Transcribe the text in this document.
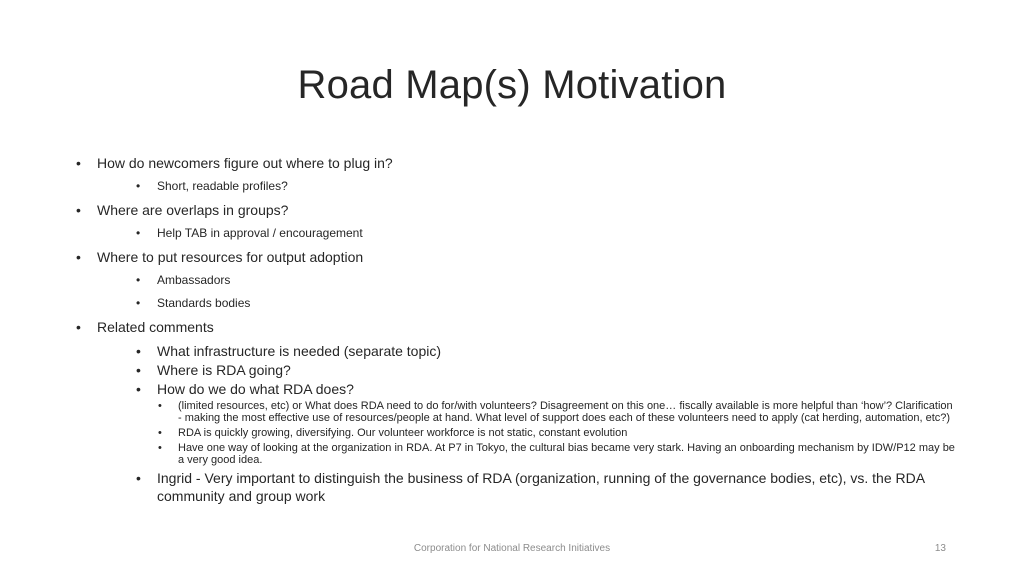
Road Map(s) Motivation
• How do newcomers figure out where to plug in?
• Short, readable profiles?
• Where are overlaps in groups?
• Help TAB in approval / encouragement
• Where to put resources for output adoption
• Ambassadors
• Standards bodies
• Related comments
• What infrastructure is needed (separate topic)
• Where is RDA going?
• How do we do what RDA does?
• (limited resources, etc) or What does RDA need to do for/with volunteers? Disagreement on this one… fiscally available is more helpful than ‘how’? Clarification - making the most effective use of resources/people at hand. What level of support does each of these volunteers need to apply (cat herding, automation, etc?)
• RDA is quickly growing, diversifying. Our volunteer workforce is not static, constant evolution
• Have one way of looking at the organization in RDA. At P7 in Tokyo, the cultural bias became very stark. Having an onboarding mechanism by IDW/P12 may be a very good idea.
• Ingrid - Very important to distinguish the business of RDA (organization, running of the governance bodies, etc), vs. the RDA community and group work
Corporation for National Research Initiatives	13
